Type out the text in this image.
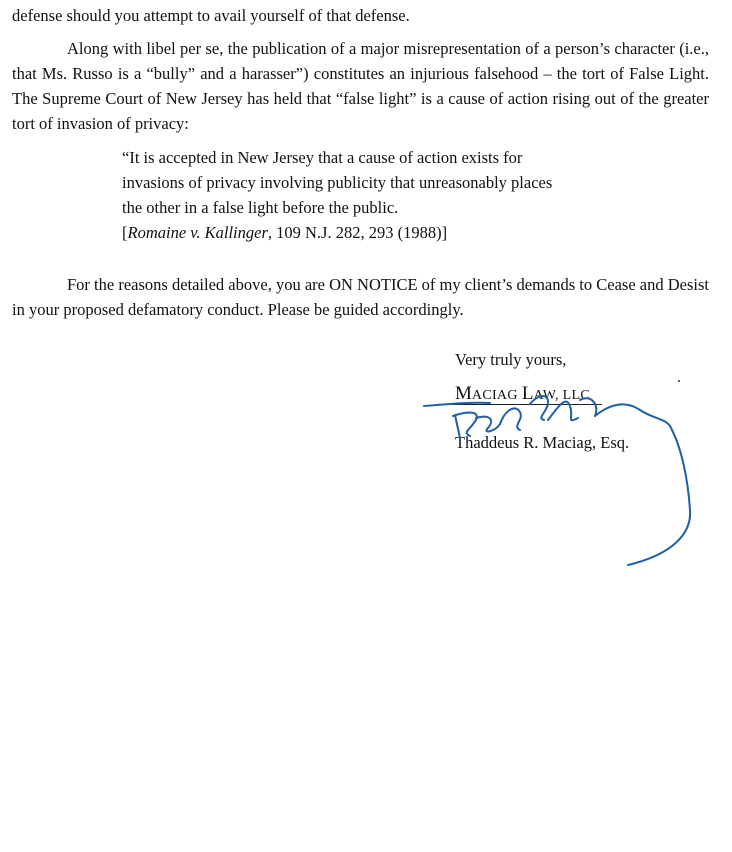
defense should you attempt to avail yourself of that defense.

Along with libel per se, the publication of a major misrepresentation of a person’s character (i.e., that Ms. Russo is a “bully” and a harasser”) constitutes an injurious falsehood – the tort of False Light. The Supreme Court of New Jersey has held that “false light” is a cause of action rising out of the greater tort of invasion of privacy:

“It is accepted in New Jersey that a cause of action exists for
invasions of privacy involving publicity that unreasonably places
the other in a false light before the public.
[Romaine v. Kallinger, 109 N.J. 282, 293 (1988)]

For the reasons detailed above, you are ON NOTICE of my client’s demands to Cease and Desist in your proposed defamatory conduct. Please be guided accordingly.

Very truly yours,
MACIAG LAW, LLC
Thaddeus R. Maciag, Esq.
